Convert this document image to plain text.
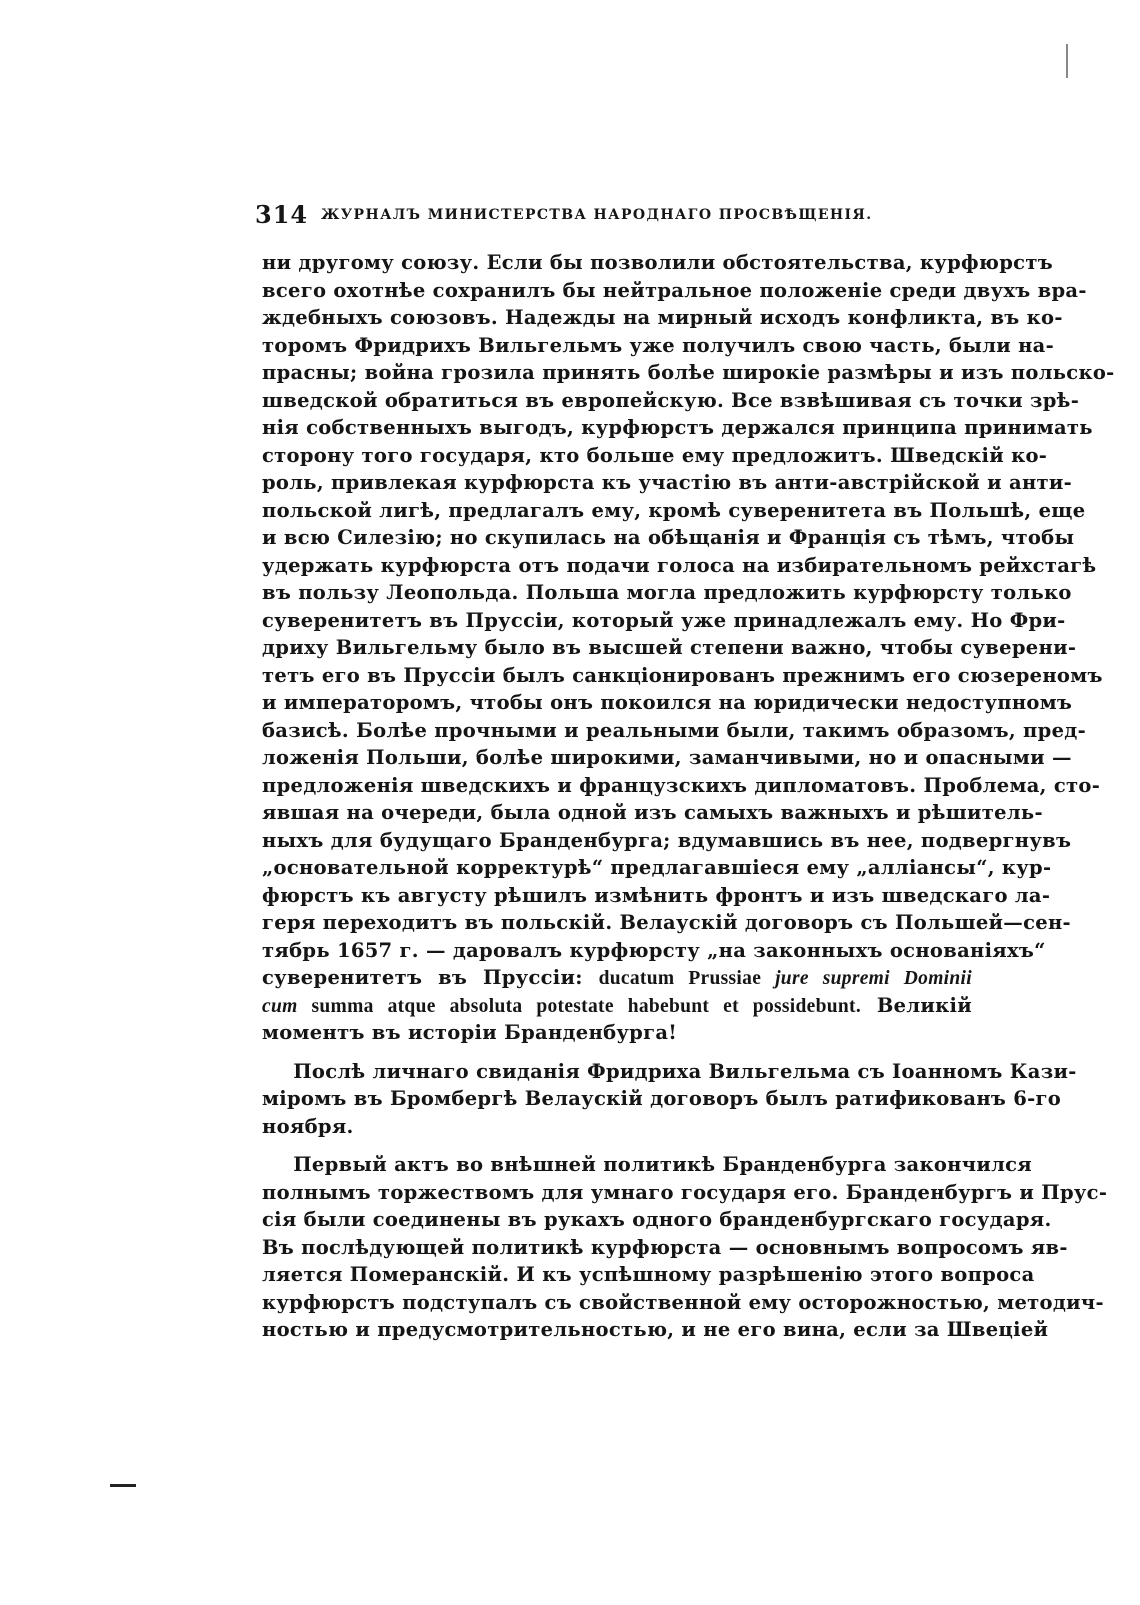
314 ЖУРНАЛЪ МИНИСТЕРСТВА НАРОДНАГО ПРОСВѢЩЕНІЯ.
ни другому союзу. Если бы позволили обстоятельства, курфюрстъ
всего охотнѣе сохранилъ бы нейтральное положеніе среди двухъ вра-
ждебныхъ союзовъ. Надежды на мирный исходъ конфликта, въ ко-
торомъ Фридрихъ Вильгельмъ уже получилъ свою часть, были на-
прасны; война грозила принять болѣе широкіе размѣры и изъ польско-
шведской обратиться въ европейскую. Все взвѣшивая съ точки зрѣ-
нія собственныхъ выгодъ, курфюрстъ держался принципа принимать
сторону того государя, кто больше ему предложитъ. Шведскій ко-
роль, привлекая курфюрста къ участію въ анти-австрійской и анти-
польской лигѣ, предлагалъ ему, кромѣ суверенитета въ Польшѣ, еще
и всю Силезію; но скупилась на обѣщанія и Франція съ тѣмъ, чтобы
удержать курфюрста отъ подачи голоса на избирательномъ рейхстагѣ
въ пользу Леопольда. Польша могла предложить курфюрсту только
суверенитетъ въ Пруссіи, который уже принадлежалъ ему. Но Фри-
дриху Вильгельму было въ высшей степени важно, чтобы суверени-
тетъ его въ Пруссіи былъ санкціонированъ прежнимъ его сюзереномъ
и императоромъ, чтобы онъ покоился на юридически недоступномъ
базисѣ. Болѣе прочными и реальными были, такимъ образомъ, пред-
ложенія Польши, болѣе широкими, заманчивыми, но и опасными —
предложенія шведскихъ и французскихъ дипломатовъ. Проблема, сто-
явшая на очереди, была одной изъ самыхъ важныхъ и рѣшитель-
ныхъ для будущаго Бранденбурга; вдумавшись въ нее, подвергнувъ
„основательной корректурѣ“ предлагавшіеся ему „аллiансы“, кур-
фюрстъ къ августу рѣшилъ измѣнить фронтъ и изъ шведскаго ла-
геря переходитъ въ польскій. Велаускій договоръ съ Польшей—сен-
тябрь 1657 г. — даровалъ курфюрсту „на законныхъ основаніяхъ“
суверенитетъ въ Пруссіи: ducatum Prussiae jure supremi Dominii
cum summa atque absoluta potestate habebunt et possidebunt. Великій
моментъ въ исторіи Бранденбурга!
Послѣ личнаго свиданія Фридриха Вильгельма съ Іоанномъ Кази-
міромъ въ Бромбергѣ Велаускій договоръ былъ ратификованъ 6-го
ноября.
Первый актъ во внѣшней политикѣ Бранденбурга закончился
полнымъ торжествомъ для умнаго государя его. Бранденбургъ и Прус-
сія были соединены въ рукахъ одного бранденбургскаго государя.
Въ послѣдующей политикѣ курфюрста — основнымъ вопросомъ яв-
ляется Померанскій. И къ успѣшному разрѣшенію этого вопроса
курфюрстъ подступалъ съ свойственной ему осторожностью, методич-
ностью и предусмотрительностью, и не его вина, если за Швеціей
